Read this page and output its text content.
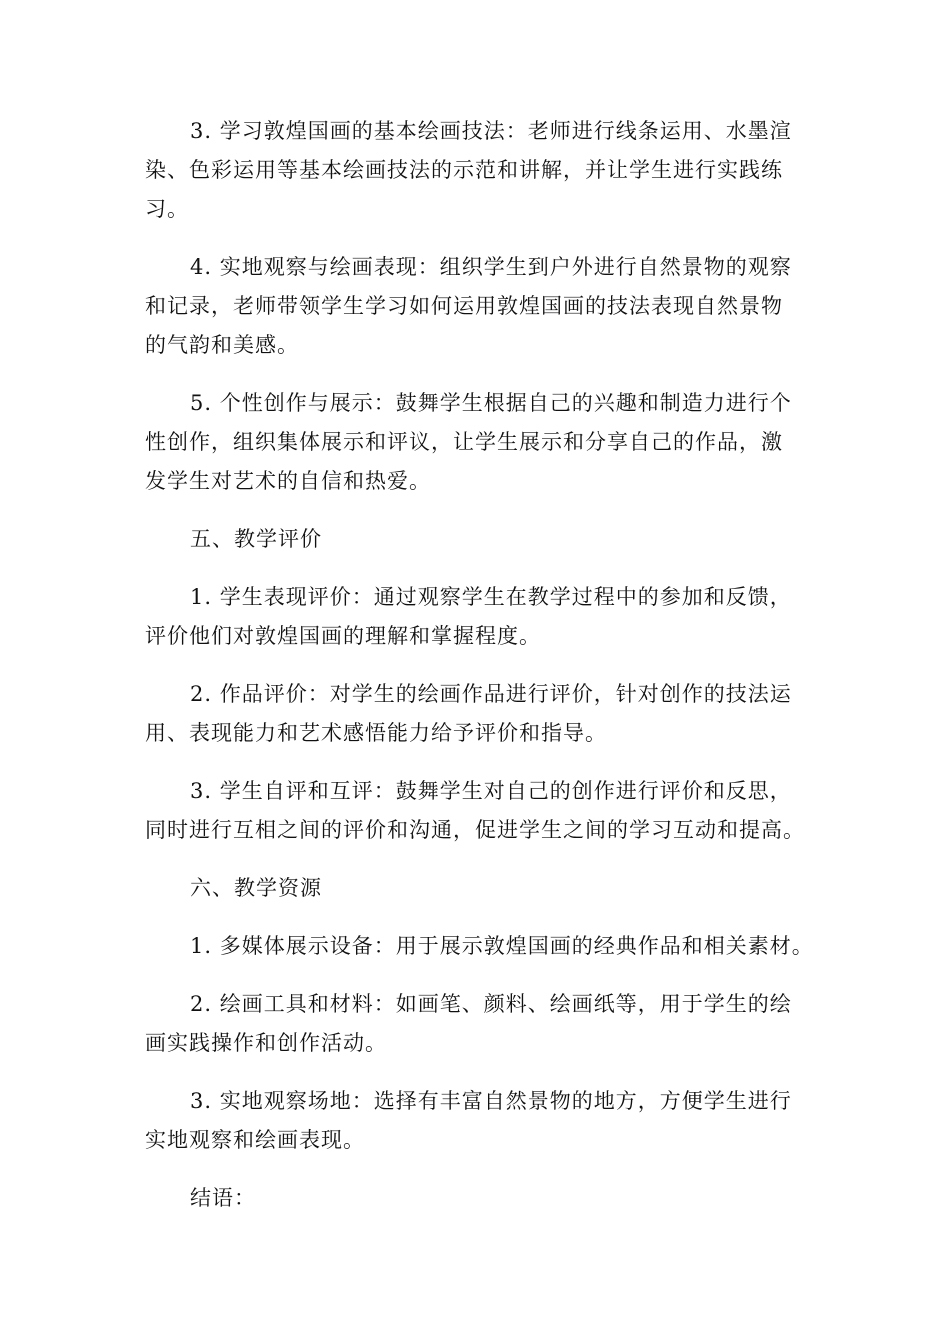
3. 学习敦煌国画的基本绘画技法：老师进行线条运用、水墨渲
染、色彩运用等基本绘画技法的示范和讲解，并让学生进行实践练
习。
4. 实地观察与绘画表现：组织学生到户外进行自然景物的观察
和记录，老师带领学生学习如何运用敦煌国画的技法表现自然景物
的气韵和美感。
5. 个性创作与展示：鼓舞学生根据自己的兴趣和制造力进行个
性创作，组织集体展示和评议，让学生展示和分享自己的作品，激
发学生对艺术的自信和热爱。
五、教学评价
1. 学生表现评价：通过观察学生在教学过程中的参加和反馈，
评价他们对敦煌国画的理解和掌握程度。
2. 作品评价：对学生的绘画作品进行评价，针对创作的技法运
用、表现能力和艺术感悟能力给予评价和指导。
3. 学生自评和互评：鼓舞学生对自己的创作进行评价和反思，
同时进行互相之间的评价和沟通，促进学生之间的学习互动和提高。
六、教学资源
1. 多媒体展示设备：用于展示敦煌国画的经典作品和相关素材。
2. 绘画工具和材料：如画笔、颜料、绘画纸等，用于学生的绘
画实践操作和创作活动。
3. 实地观察场地：选择有丰富自然景物的地方，方便学生进行
实地观察和绘画表现。
结语：
